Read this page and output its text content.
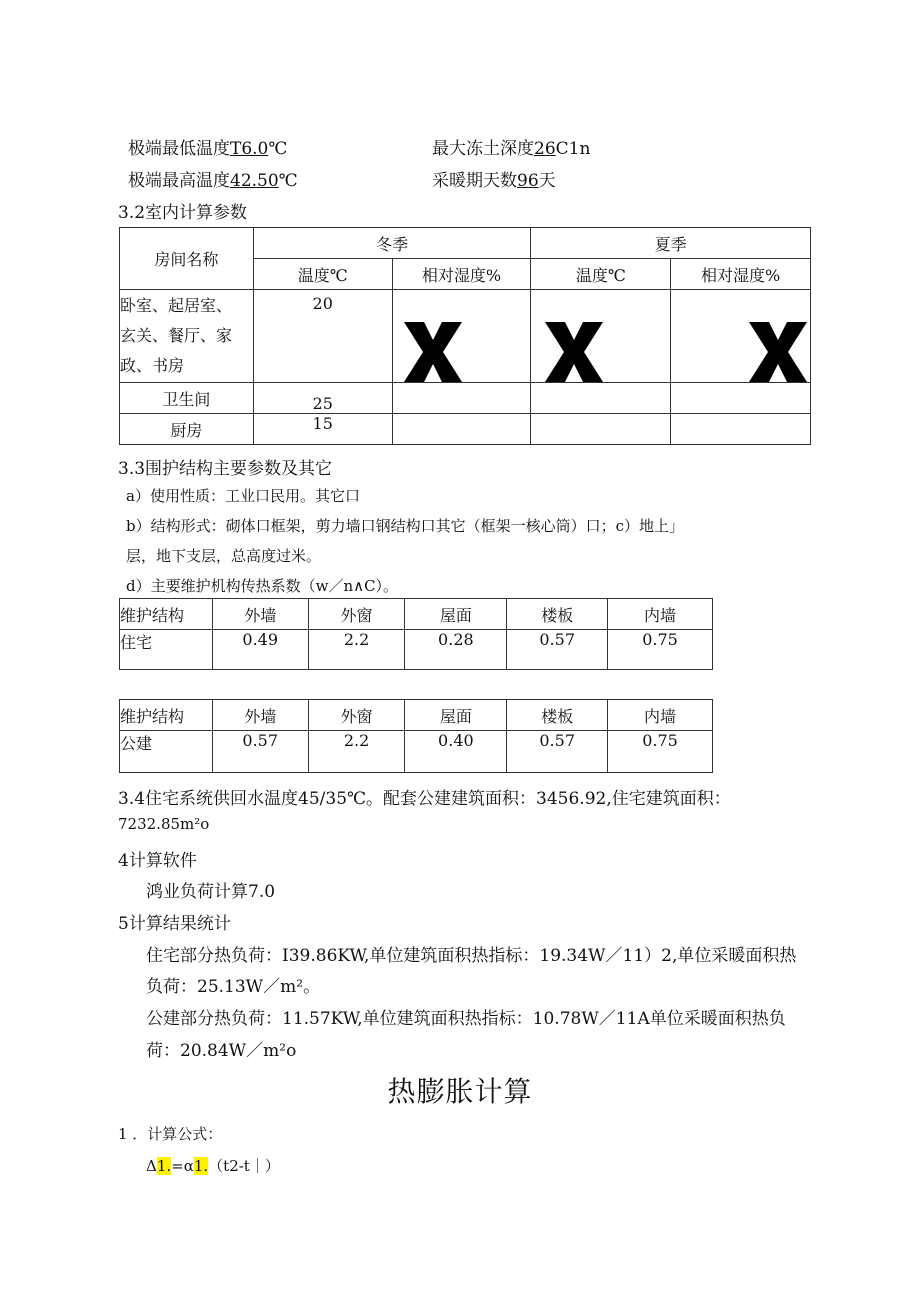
极端最低温度T6.0℃	最大冻土深度26C1n
极端最高温度42.50℃	采暖期天数96天
3.2室内计算参数
房间名称	冬季		夏季	
	温度℃	相对湿度%	温度℃	相对湿度%

卧室、起居室、
玄关、餐厅、家
政、书房	20	

卫生间	25			
厨房	15			
3.3围护结构主要参数及其它
a）使用性质：工业口民用。其它口
b）结构形式：砌体口框架，剪力墙口钢结构口其它（框架一核心筒）口；c）地上」
层，地下支层，总高度过米。
d）主要维护机构传热系数（w／n∧C）。
维护结构	外墙	外窗	屋面	楼板	内墙
住宅	0.49	2.2	0.28	0.57	0.75
维护结构	外墙	外窗	屋面	楼板	内墙
公建	0.57	2.2	0.40	0.57	0.75
3.4住宅系统供回水温度45/35℃。配套公建建筑面积：3456.92,住宅建筑面积：
7232.85m²o
4计算软件
鸿业负荷计算7.0
5计算结果统计
住宅部分热负荷：I39.86KW,单位建筑面积热指标：19.34W／11）2,单位采暖面积热
负荷：25.13W／m²。
公建部分热负荷：11.57KW,单位建筑面积热指标：10.78W／11A单位采暖面积热负
荷：20.84W／m²o
热膨胀计算
1 ．计算公式：
Δ1.=α1.（t2-t｜）
